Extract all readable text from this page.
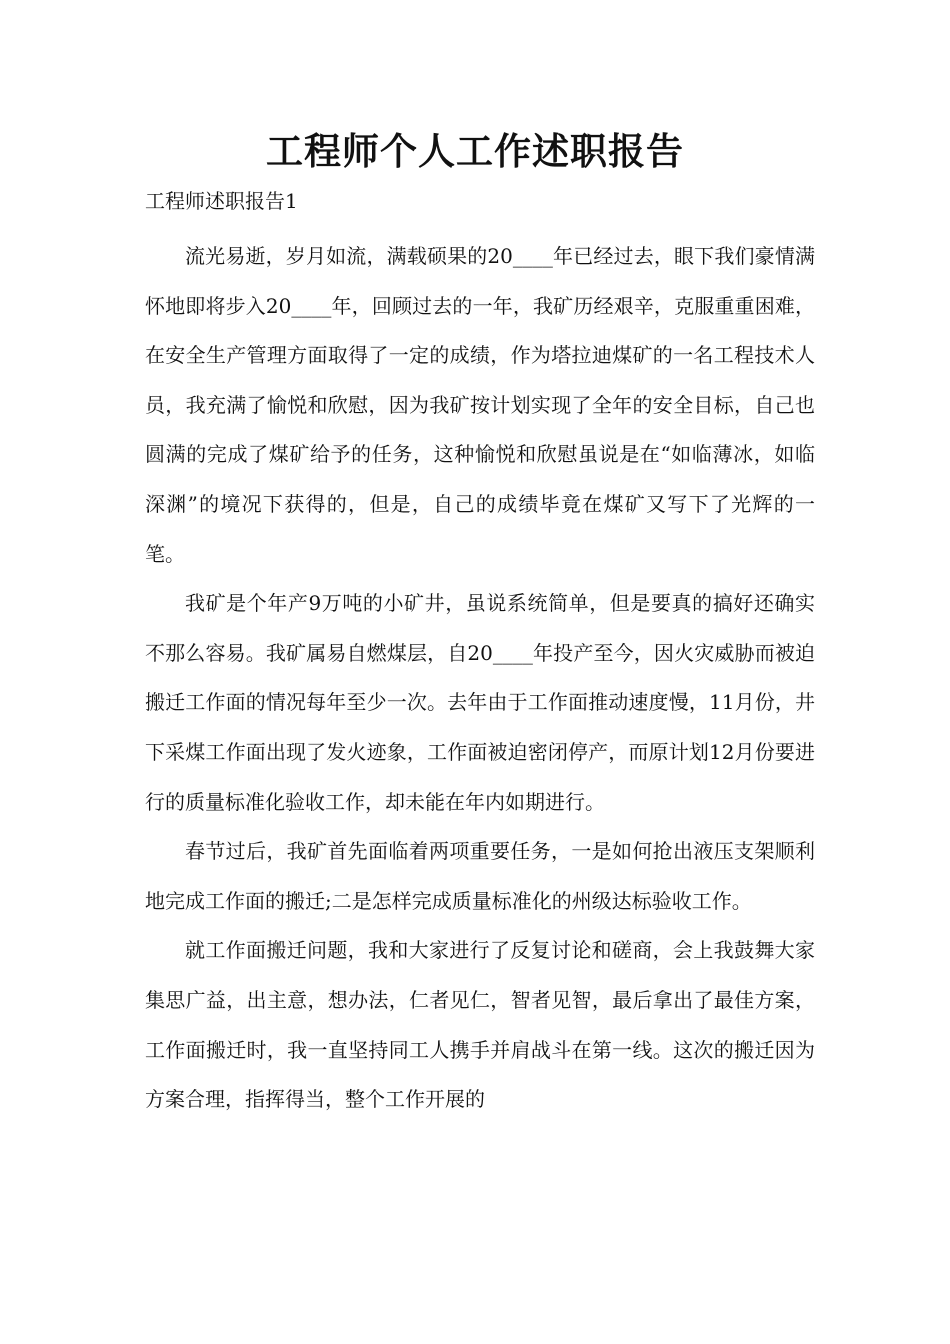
工程师个人工作述职报告

工程师述职报告1

流光易逝，岁月如流，满载硕果的20____年已经过去，眼下我们豪情满怀地即将步入20____年，回顾过去的一年，我矿历经艰辛，克服重重困难，在安全生产管理方面取得了一定的成绩，作为塔拉迪煤矿的一名工程技术人员，我充满了愉悦和欣慰，因为我矿按计划实现了全年的安全目标，自己也圆满的完成了煤矿给予的任务，这种愉悦和欣慰虽说是在“如临薄冰，如临深渊”的境况下获得的，但是，自己的成绩毕竟在煤矿又写下了光辉的一笔。

我矿是个年产9万吨的小矿井，虽说系统简单，但是要真的搞好还确实不那么容易。我矿属易自燃煤层，自20____年投产至今，因火灾威胁而被迫搬迁工作面的情况每年至少一次。去年由于工作面推动速度慢，11月份，井下采煤工作面出现了发火迹象，工作面被迫密闭停产，而原计划12月份要进行的质量标准化验收工作，却未能在年内如期进行。

春节过后，我矿首先面临着两项重要任务，一是如何抢出液压支架顺利地完成工作面的搬迁;二是怎样完成质量标准化的州级达标验收工作。

就工作面搬迁问题，我和大家进行了反复讨论和磋商，会上我鼓舞大家集思广益，出主意，想办法，仁者见仁，智者见智，最后拿出了最佳方案，工作面搬迁时，我一直坚持同工人携手并肩战斗在第一线。这次的搬迁因为方案合理，指挥得当，整个工作开展的
